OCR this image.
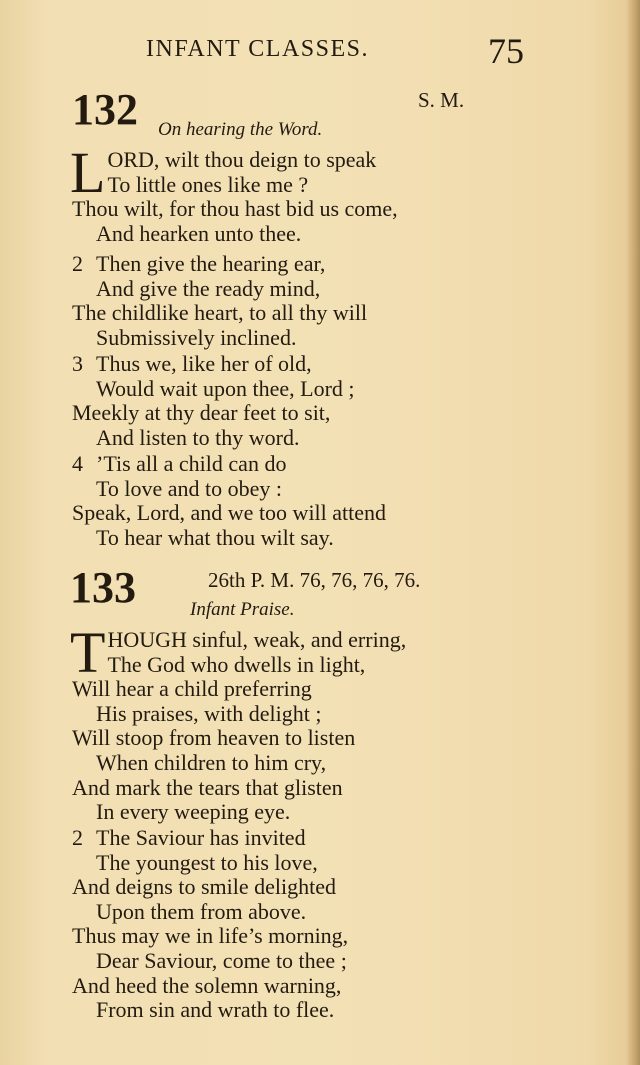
INFANT CLASSES.	75
132	S. M.
On hearing the Word.
L ORD, wilt thou deign to speak
To little ones like me ?
Thou wilt, for thou hast bid us come,
And hearken unto thee.
2 Then give the hearing ear,
And give the ready mind,
The childlike heart, to all thy will
Submissively inclined.
3 Thus we, like her of old,
Would wait upon thee, Lord ;
Meekly at thy dear feet to sit,
And listen to thy word.
4 ’Tis all a child can do
To love and to obey :
Speak, Lord, and we too will attend
To hear what thou wilt say.
133	26th P. M. 76, 76, 76, 76.
Infant Praise.
T HOUGH sinful, weak, and erring,
The God who dwells in light,
Will hear a child preferring
His praises, with delight ;
Will stoop from heaven to listen
When children to him cry,
And mark the tears that glisten
In every weeping eye.
2 The Saviour has invited
The youngest to his love,
And deigns to smile delighted
Upon them from above.
Thus may we in life’s morning,
Dear Saviour, come to thee ;
And heed the solemn warning,
From sin and wrath to flee.
